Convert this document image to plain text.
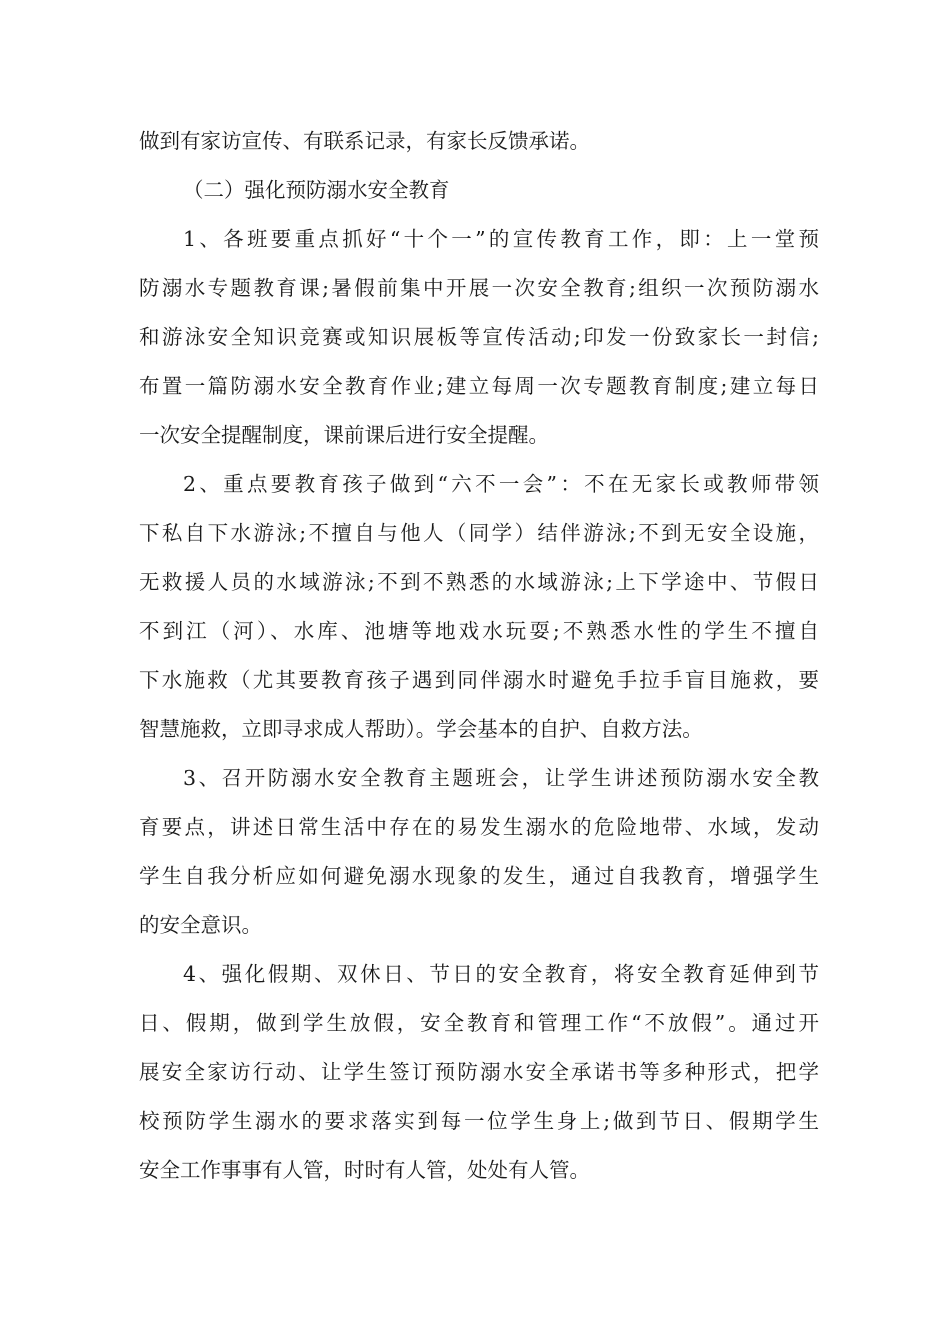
做到有家访宣传、有联系记录，有家长反馈承诺。
（二）强化预防溺水安全教育
1、各班要重点抓好“十个一”的宣传教育工作，即：上一堂预
防溺水专题教育课;暑假前集中开展一次安全教育;组织一次预防溺水
和游泳安全知识竞赛或知识展板等宣传活动;印发一份致家长一封信;
布置一篇防溺水安全教育作业;建立每周一次专题教育制度;建立每日
一次安全提醒制度，课前课后进行安全提醒。
2、重点要教育孩子做到“六不一会”：不在无家长或教师带领
下私自下水游泳;不擅自与他人（同学）结伴游泳;不到无安全设施，
无救援人员的水域游泳;不到不熟悉的水域游泳;上下学途中、节假日
不到江（河）、水库、池塘等地戏水玩耍;不熟悉水性的学生不擅自
下水施救（尤其要教育孩子遇到同伴溺水时避免手拉手盲目施救，要
智慧施救，立即寻求成人帮助）。学会基本的自护、自救方法。
3、召开防溺水安全教育主题班会，让学生讲述预防溺水安全教
育要点，讲述日常生活中存在的易发生溺水的危险地带、水域，发动
学生自我分析应如何避免溺水现象的发生，通过自我教育，增强学生
的安全意识。
4、强化假期、双休日、节日的安全教育，将安全教育延伸到节
日、假期，做到学生放假，安全教育和管理工作“不放假”。通过开
展安全家访行动、让学生签订预防溺水安全承诺书等多种形式，把学
校预防学生溺水的要求落实到每一位学生身上;做到节日、假期学生
安全工作事事有人管，时时有人管，处处有人管。
